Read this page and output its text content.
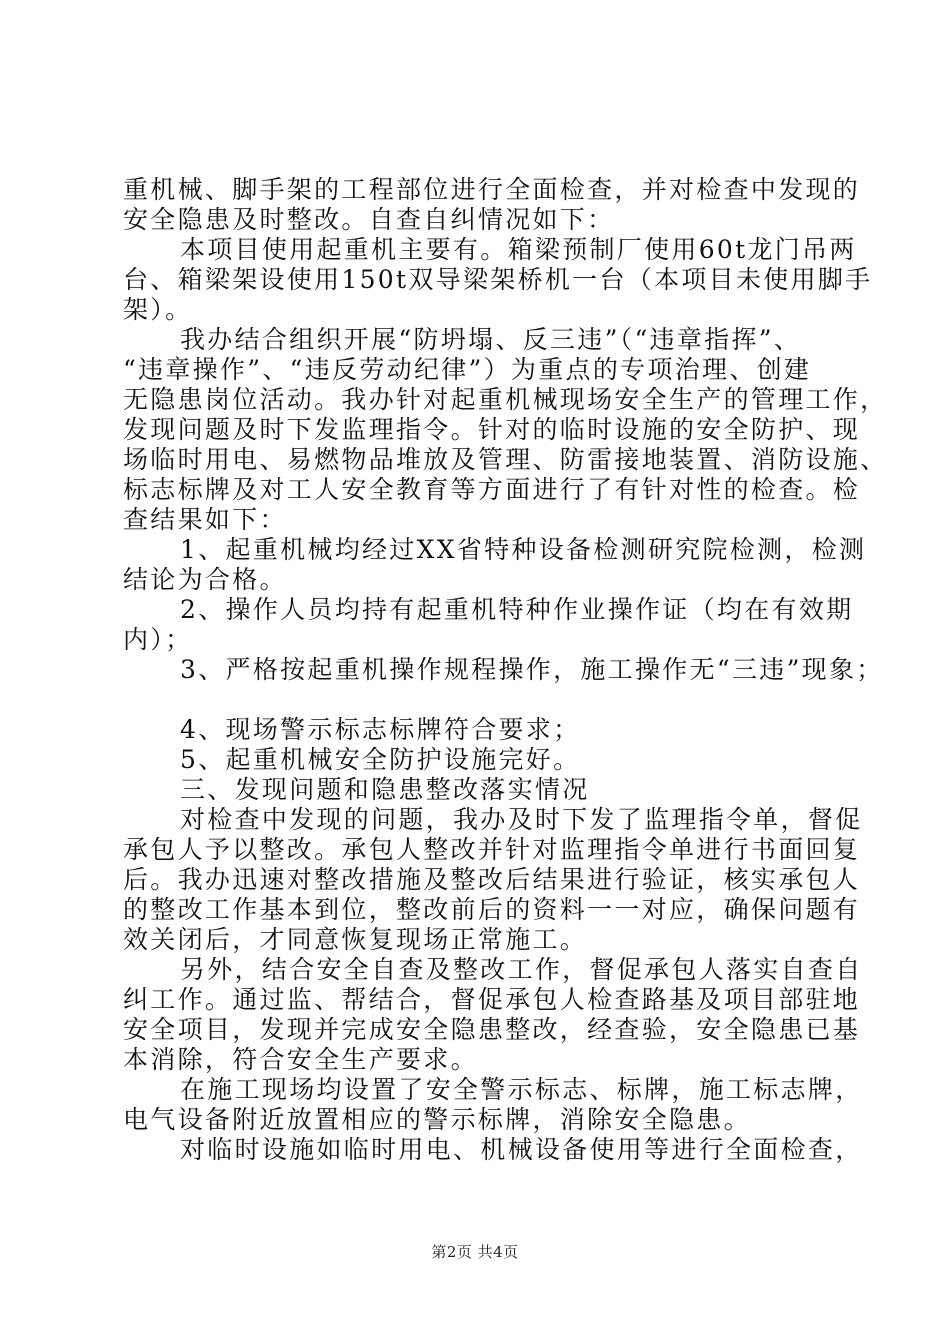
重机械、脚手架的工程部位进行全面检查，并对检查中发现的
安全隐患及时整改。自查自纠情况如下：
本项目使用起重机主要有。箱梁预制厂使用60t龙门吊两
台、箱梁架设使用150t双导梁架桥机一台（本项目未使用脚手
架）。
我办结合组织开展“防坍塌、反三违”（“违章指挥”、
“违章操作”、“违反劳动纪律”）为重点的专项治理、创建
无隐患岗位活动。我办针对起重机械现场安全生产的管理工作，
发现问题及时下发监理指令。针对的临时设施的安全防护、现
场临时用电、易燃物品堆放及管理、防雷接地装置、消防设施、
标志标牌及对工人安全教育等方面进行了有针对性的检查。检
查结果如下：
1、起重机械均经过XX省特种设备检测研究院检测，检测
结论为合格。
2、操作人员均持有起重机特种作业操作证（均在有效期
内）；
3、严格按起重机操作规程操作，施工操作无“三违”现象；
4、现场警示标志标牌符合要求；
5、起重机械安全防护设施完好。
三、发现问题和隐患整改落实情况
对检查中发现的问题，我办及时下发了监理指令单，督促
承包人予以整改。承包人整改并针对监理指令单进行书面回复
后。我办迅速对整改措施及整改后结果进行验证，核实承包人
的整改工作基本到位，整改前后的资料一一对应，确保问题有
效关闭后，才同意恢复现场正常施工。
另外，结合安全自查及整改工作，督促承包人落实自查自
纠工作。通过监、帮结合，督促承包人检查路基及项目部驻地
安全项目，发现并完成安全隐患整改，经查验，安全隐患已基
本消除，符合安全生产要求。
在施工现场均设置了安全警示标志、标牌，施工标志牌，
电气设备附近放置相应的警示标牌，消除安全隐患。
对临时设施如临时用电、机械设备使用等进行全面检查，
第2页 共4页
